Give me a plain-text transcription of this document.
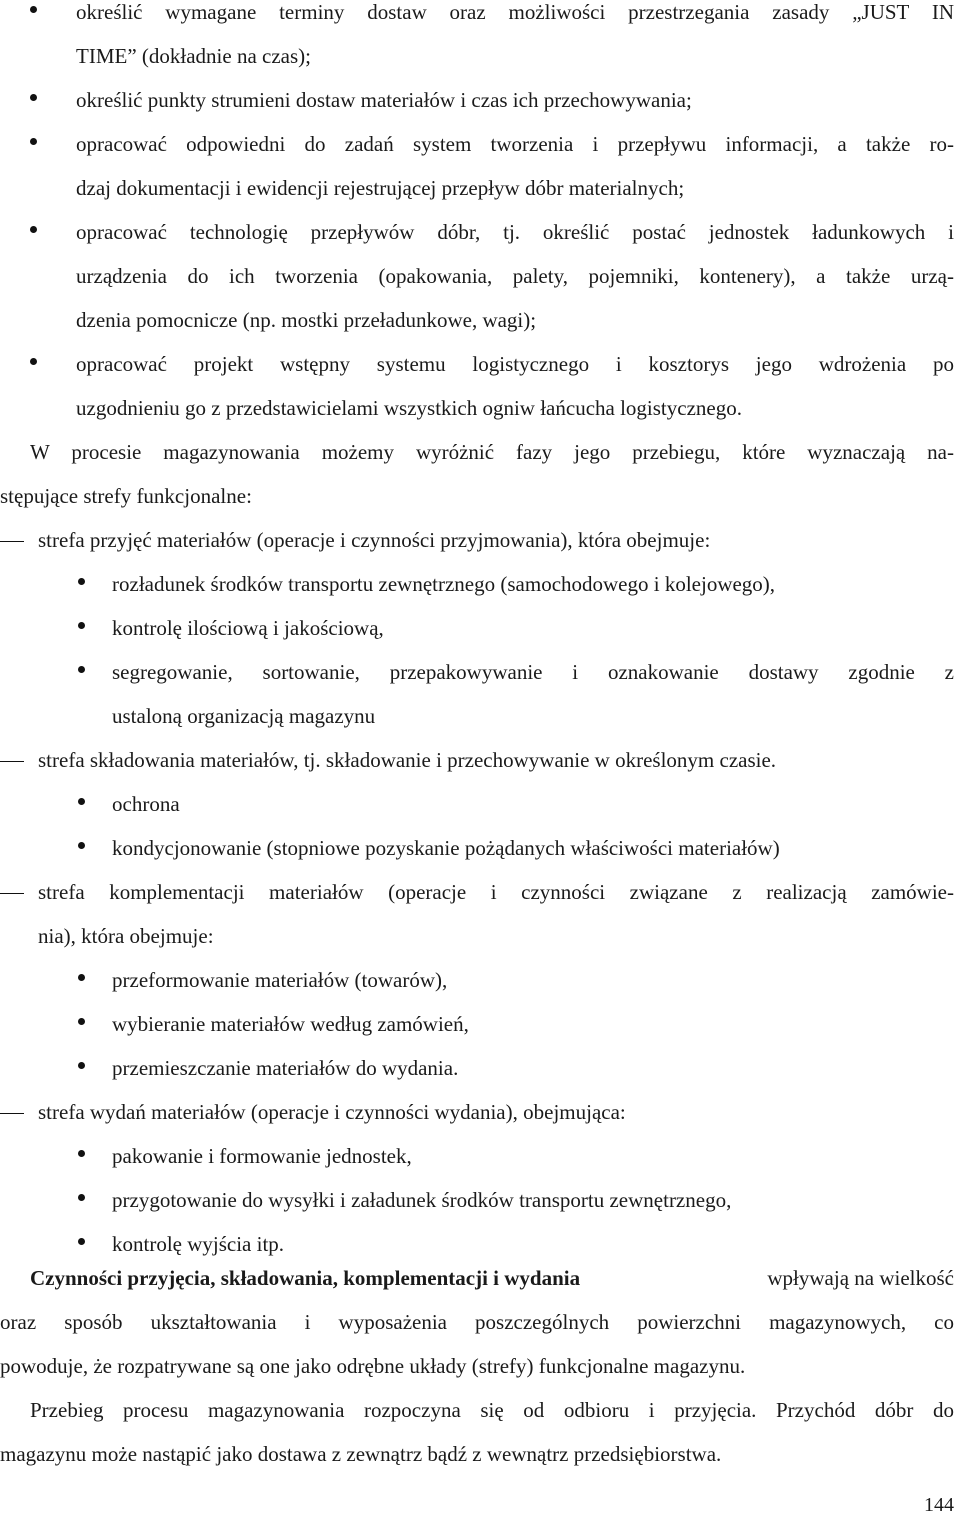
określić wymagane terminy dostaw oraz możliwości przestrzegania zasady „JUST IN
TIME” (dokładnie na czas);
określić punkty strumieni dostaw materiałów i czas ich przechowywania;
opracować odpowiedni do zadań system tworzenia i przepływu informacji, a także ro-
dzaj dokumentacji i ewidencji rejestrującej przepływ dóbr materialnych;
opracować technologię przepływów dóbr, tj. określić postać jednostek ładunkowych i
urządzenia do ich tworzenia (opakowania, palety, pojemniki, kontenery), a także urzą-
dzenia pomocnicze (np. mostki przeładunkowe, wagi);
opracować projekt wstępny systemu logistycznego i kosztorys jego wdrożenia po
uzgodnieniu go z przedstawicielami wszystkich ogniw łańcucha logistycznego.
W procesie magazynowania możemy wyróżnić fazy jego przebiegu, które wyznaczają na-
stępujące strefy funkcjonalne:
strefa przyjęć materiałów (operacje i czynności przyjmowania), która obejmuje:
rozładunek środków transportu zewnętrznego (samochodowego i kolejowego),
kontrolę ilościową i jakościową,
segregowanie, sortowanie, przepakowywanie i oznakowanie dostawy zgodnie z
ustaloną organizacją magazynu
strefa składowania materiałów, tj. składowanie i przechowywanie w określonym czasie.
ochrona
kondycjonowanie (stopniowe pozyskanie pożądanych właściwości materiałów)
strefa komplementacji materiałów (operacje i czynności związane z realizacją zamówie-
nia), która obejmuje:
przeformowanie materiałów (towarów),
wybieranie materiałów według zamówień,
przemieszczanie materiałów do wydania.
strefa wydań materiałów (operacje i czynności wydania), obejmująca:
pakowanie i formowanie jednostek,
przygotowanie do wysyłki i załadunek środków transportu zewnętrznego,
kontrolę wyjścia itp.
Czynności przyjęcia, składowania, komplementacji i wydania	wpływają na wielkość
oraz sposób ukształtowania i wyposażenia poszczególnych powierzchni magazynowych, co
powoduje, że rozpatrywane są one jako odrębne układy (strefy) funkcjonalne magazynu.
Przebieg procesu magazynowania rozpoczyna się od odbioru i przyjęcia. Przychód dóbr do
magazynu może nastąpić jako dostawa z zewnątrz bądź z wewnątrz przedsiębiorstwa.
144
